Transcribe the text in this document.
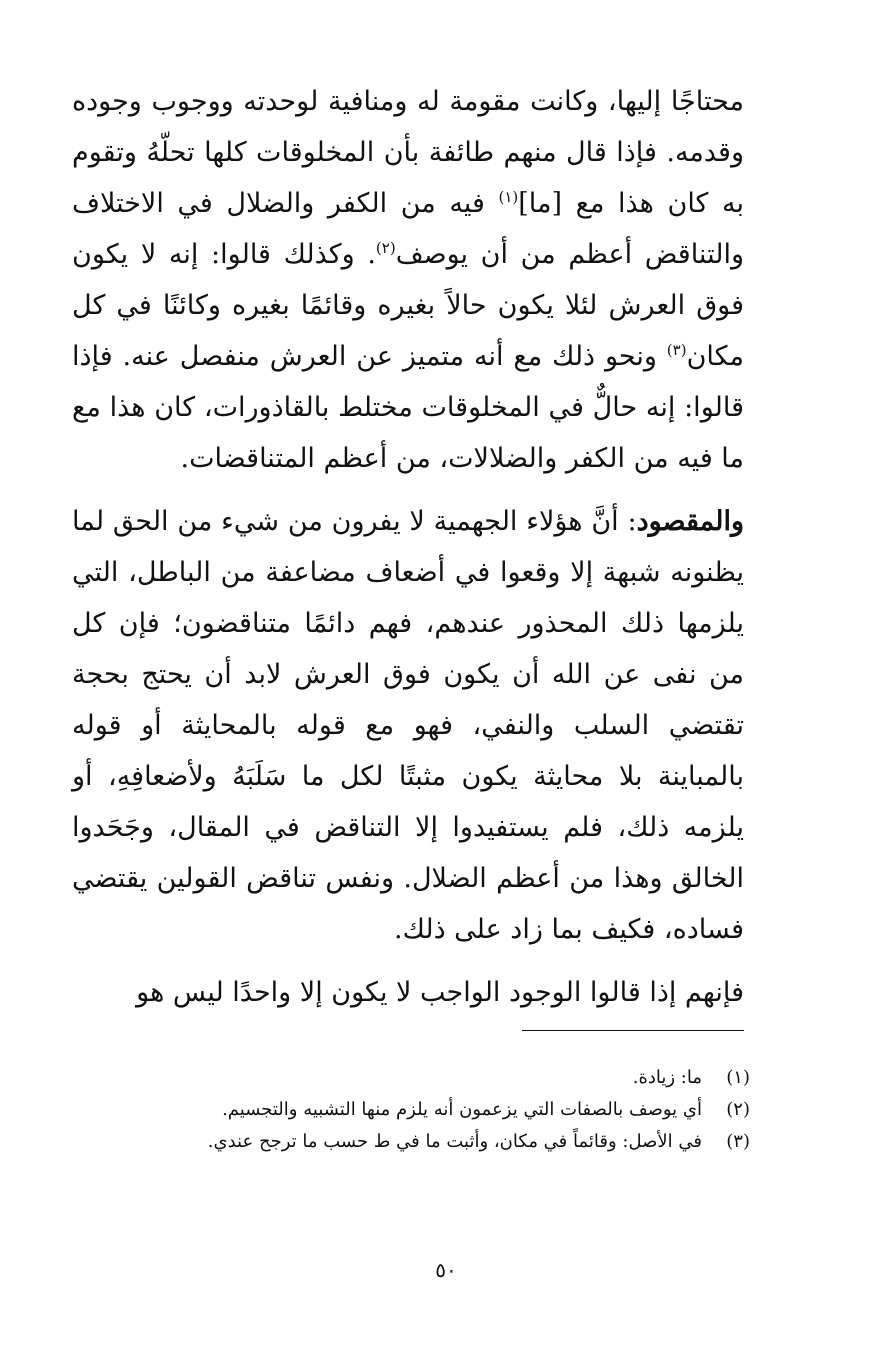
محتاجًا إليها، وكانت مقومة له ومنافية لوحدته ووجوب وجوده وقدمه. فإذا قال منهم طائفة بأن المخلوقات كلها تحلّهُ وتقوم به كان هذا مع [ما]$^{(١)}$ فيه من الكفر والضلال في الاختلاف والتناقض أعظم من أن يوصف$^{(٢)}$. وكذلك قالوا: إنه لا يكون فوق العرش لئلا يكون حالاً بغيره وقائمًا بغيره وكائنًا في كل مكان$^{(٣)}$ ونحو ذلك مع أنه متميز عن العرش منفصل عنه. فإذا قالوا: إنه حالٌّ في المخلوقات مختلط بالقاذورات، كان هذا مع ما فيه من الكفر والضلالات، من أعظم المتناقضات.

والمقصود: أنَّ هؤلاء الجهمية لا يفرون من شيء من الحق لما يظنونه شبهة إلا وقعوا في أضعاف مضاعفة من الباطل، التي يلزمها ذلك المحذور عندهم، فهم دائمًا متناقضون؛ فإن كل من نفى عن الله أن يكون فوق العرش لابد أن يحتج بحجة تقتضي السلب والنفي، فهو مع قوله بالمحايثة أو قوله بالمباينة بلا محايثة يكون مثبتًا لكل ما سَلَبَهُ ولأضعافِهِ، أو يلزمه ذلك، فلم يستفيدوا إلا التناقض في المقال، وجَحَدوا الخالق وهذا من أعظم الضلال. ونفس تناقض القولين يقتضي فساده، فكيف بما زاد على ذلك.

فإنهم إذا قالوا الوجود الواجب لا يكون إلا واحدًا ليس هو

(١)
ما: زيادة.
(٢)
أي يوصف بالصفات التي يزعمون أنه يلزم منها التشبيه والتجسيم.
(٣)
في الأصل: وقائماً في مكان، وأثبت ما في ط حسب ما ترجح عندي.
٥٠
